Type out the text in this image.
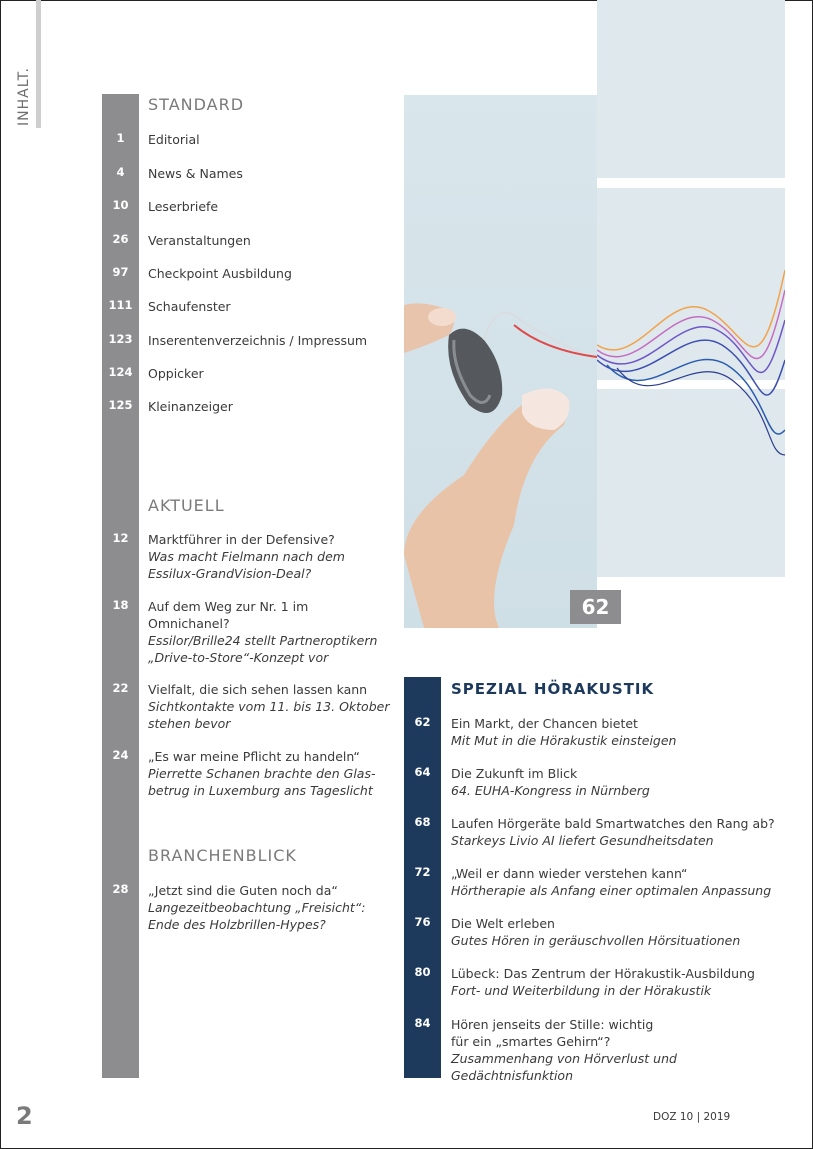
INHALT.
62
STANDARD
1	Editorial
4	News & Names
10	Leserbriefe
26	Veranstaltungen
97	Checkpoint Ausbildung
111	Schaufenster
123	Inserentenverzeichnis / Impressum
124	Oppicker
125	Kleinanzeiger
AKTUELL
12	Marktführer in der Defensive?
Was macht Fielmann nach dem
Essilux-GrandVision-Deal?
18	Auf dem Weg zur Nr. 1 im
Omnichanel?
Essilor/Brille24 stellt Partneroptikern
„Drive-to-Store“-Konzept vor
22	Vielfalt, die sich sehen lassen kann
Sichtkontakte vom 11. bis 13. Oktober
stehen bevor
24	„Es war meine Pflicht zu handeln“
Pierrette Schanen brachte den Glas-
betrug in Luxemburg ans Tageslicht
BRANCHENBLICK
28	„Jetzt sind die Guten noch da“
Langezeitbeobachtung „Freisicht“:
Ende des Holzbrillen-Hypes?
SPEZIAL HÖRAKUSTIK
62	Ein Markt, der Chancen bietet
Mit Mut in die Hörakustik einsteigen
64	Die Zukunft im Blick
64. EUHA-Kongress in Nürnberg
68	Laufen Hörgeräte bald Smartwatches den Rang ab?
Starkeys Livio AI liefert Gesundheitsdaten
72	„Weil er dann wieder verstehen kann“
Hörtherapie als Anfang einer optimalen Anpassung
76	Die Welt erleben
Gutes Hören in geräuschvollen Hörsituationen
80	Lübeck: Das Zentrum der Hörakustik-Ausbildung
Fort- und Weiterbildung in der Hörakustik
84	Hören jenseits der Stille: wichtig
für ein „smartes Gehirn“?
Zusammenhang von Hörverlust und
Gedächtnisfunktion
2	DOZ 10 | 2019
